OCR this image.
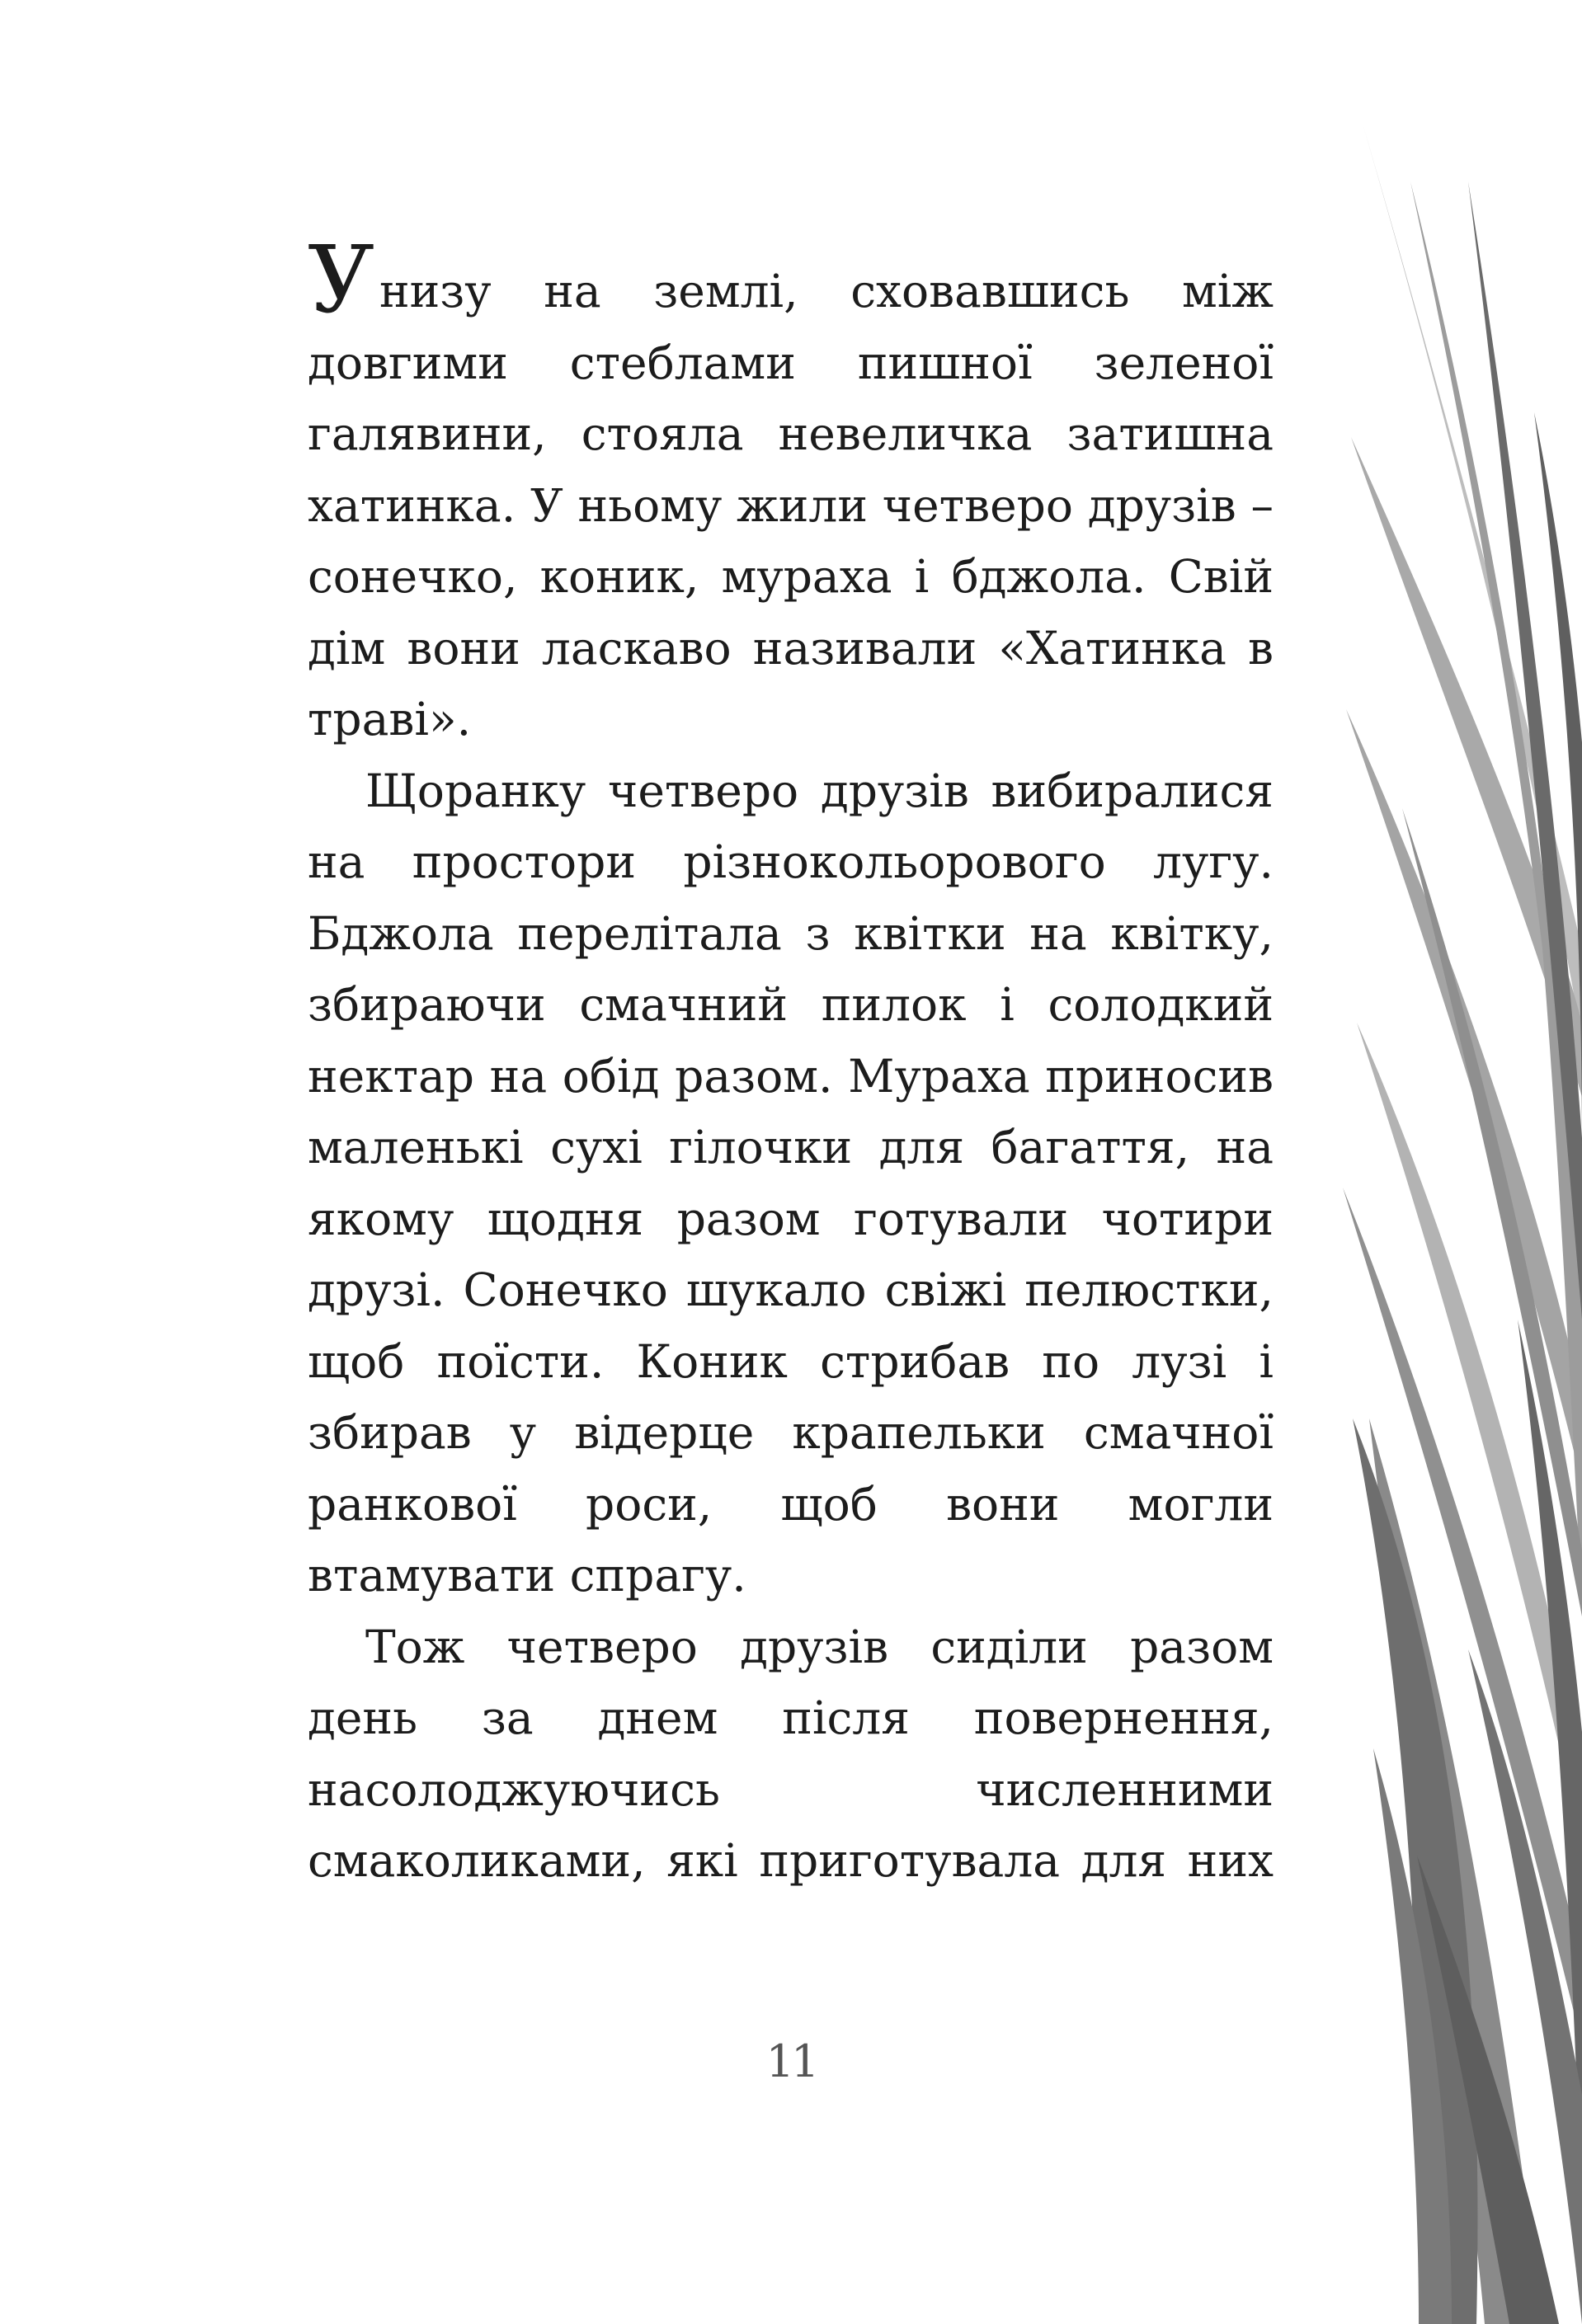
Унизу на землі, сховавшись між довгими стеблами пишної зеленої галявини, стояла невеличка затишна хатинка. У ньому жили четверо друзів – сонечко, коник, мураха і бджола. Свій дім вони ласкаво називали «Хатинка в траві».

Щоранку четверо друзів вибиралися на простори різнокольорового лугу. Бджола перелітала з квітки на квітку, збираючи смачний пилок і солодкий нектар на обід разом. Мураха приносив маленькі сухі гілочки для багаття, на якому щодня разом готували чотири друзі. Сонечко шукало свіжі пелюстки, щоб поїсти. Коник стрибав по лузі і збирав у відерце крапельки смачної ранкової роси, щоб вони могли втамувати спрагу.

Тож четверо друзів сиділи разом день за днем після повернення, насолоджуючись численними смаколиками, які приготувала для них

11
